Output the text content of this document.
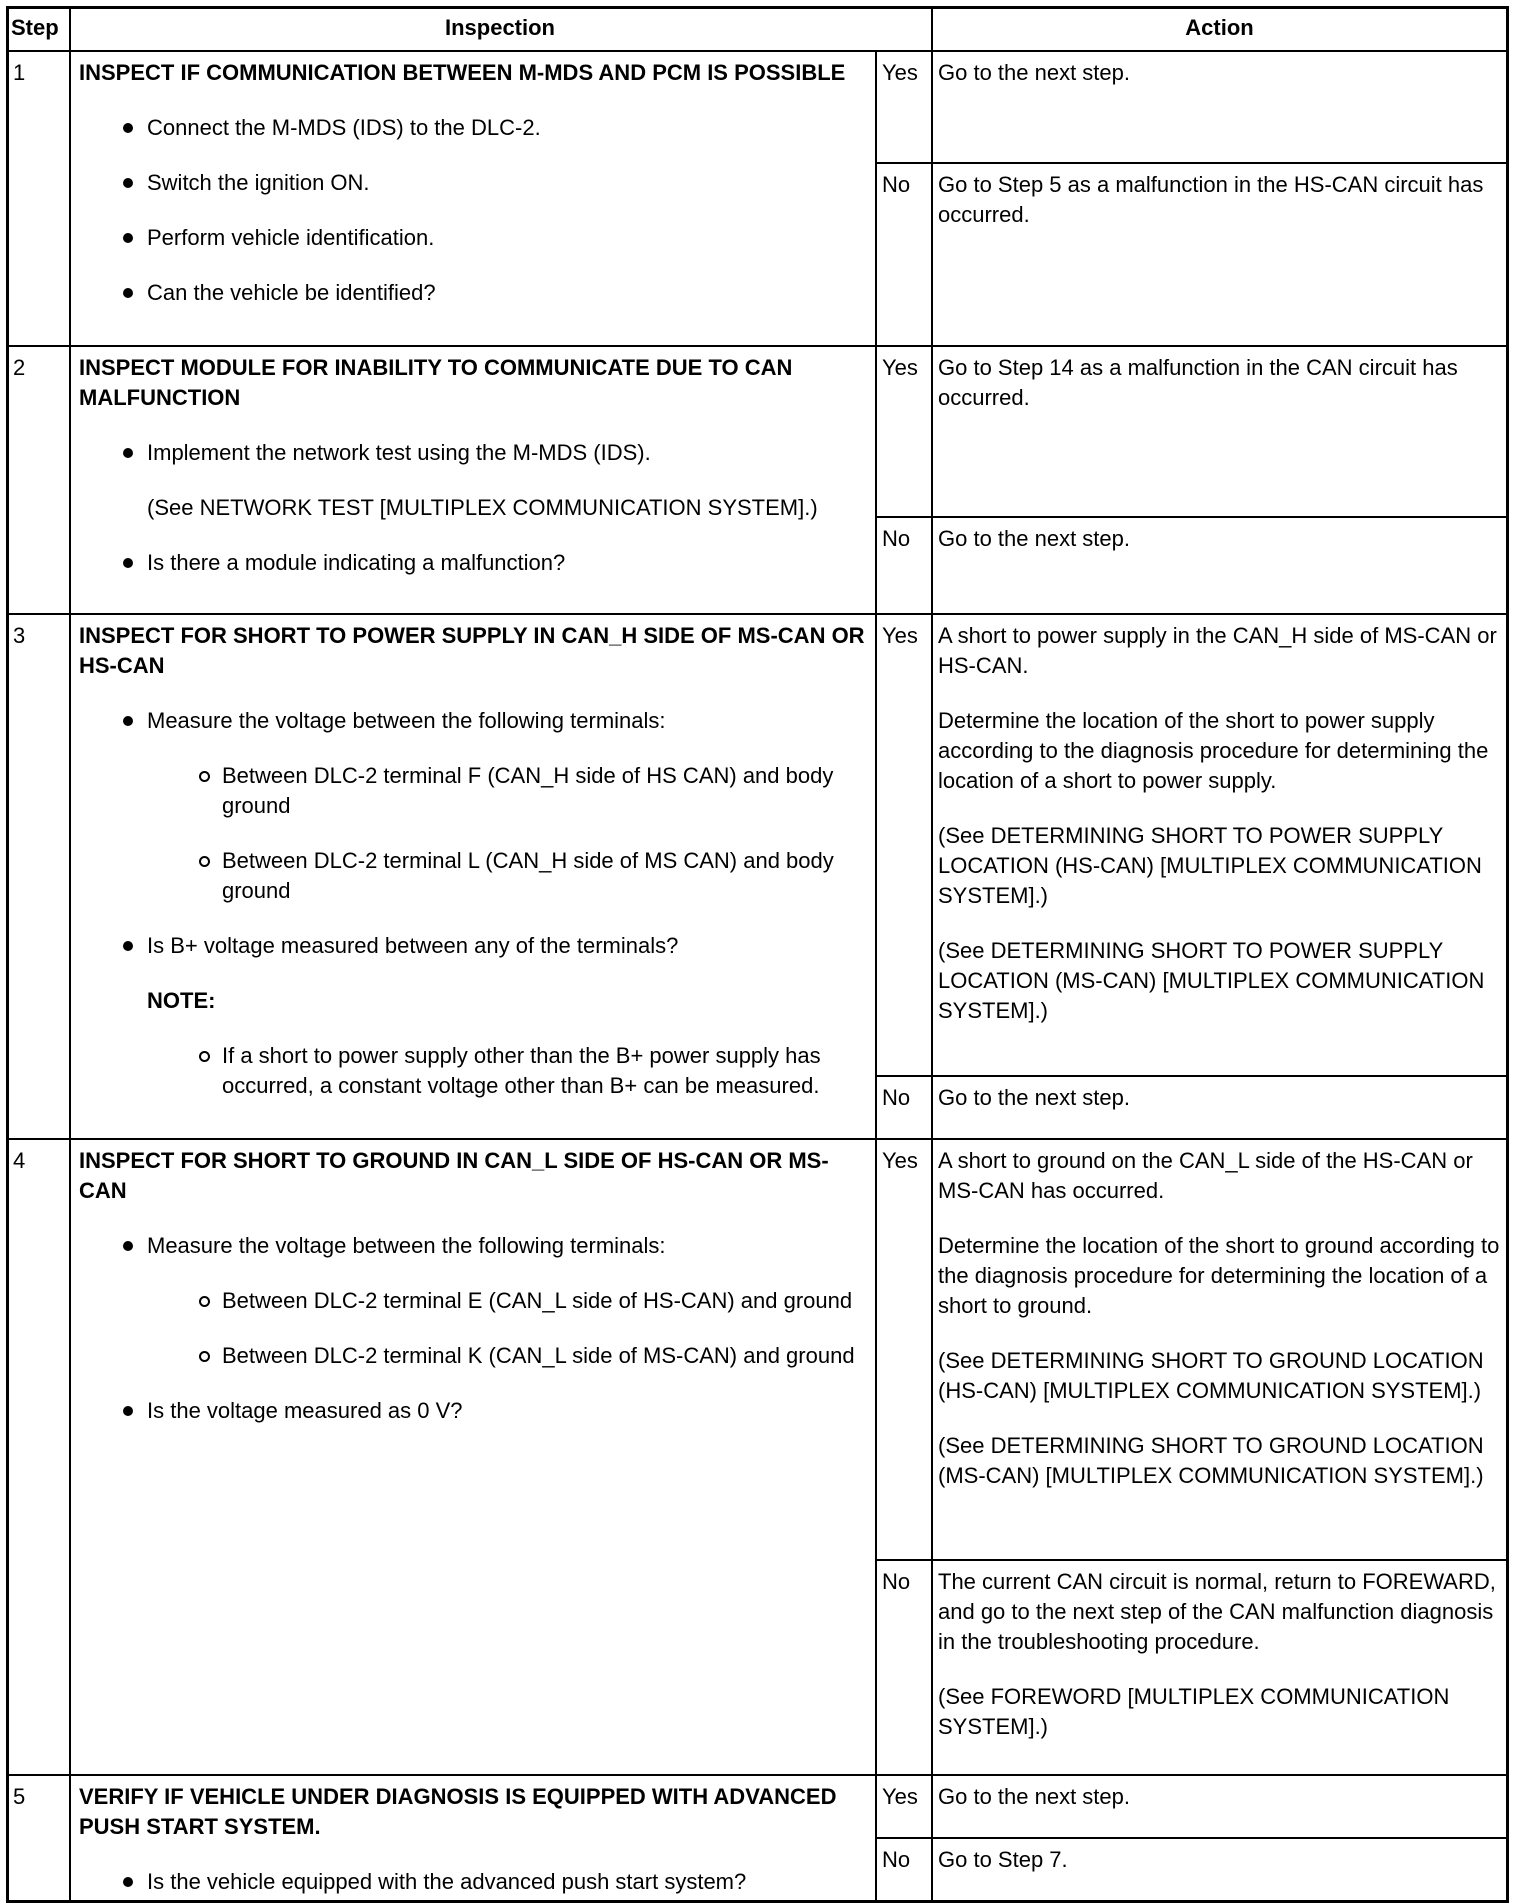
Step	Inspection	Action
1	INSPECT IF COMMUNICATION BETWEEN M-MDS AND PCM IS POSSIBLE
Connect the M-MDS (IDS) to the DLC-2.
Switch the ignition ON.
Perform vehicle identification.
Can the vehicle be identified?
Yes Go to the next step.

No	Go to Step 5 as a malfunction in the HS-CAN circuit has occurred.

2	INSPECT MODULE FOR INABILITY TO COMMUNICATE DUE TO CAN MALFUNCTION
Implement the network test using the M-MDS (IDS).
(See NETWORK TEST [MULTIPLEX COMMUNICATION SYSTEM].)
Is there a module indicating a malfunction?
Yes Go to Step 14 as a malfunction in the CAN circuit has occurred.

No	Go to the next step.

3	INSPECT FOR SHORT TO POWER SUPPLY IN CAN_H SIDE OF MS-CAN OR HS-CAN
Measure the voltage between the following terminals:
Between DLC-2 terminal F (CAN_H side of HS CAN) and body ground
Between DLC-2 terminal L (CAN_H side of MS CAN) and body ground
Is B+ voltage measured between any of the terminals?
NOTE:
If a short to power supply other than the B+ power supply has occurred, a constant voltage other than B+ can be measured.
Yes A short to power supply in the CAN_H side of MS-CAN or HS-CAN.

Determine the location of the short to power supply according to the diagnosis procedure for determining the location of a short to power supply.

(See DETERMINING SHORT TO POWER SUPPLY LOCATION (HS-CAN) [MULTIPLEX COMMUNICATION SYSTEM].)

(See DETERMINING SHORT TO POWER SUPPLY LOCATION (MS-CAN) [MULTIPLEX COMMUNICATION SYSTEM].)

No	Go to the next step.

4	INSPECT FOR SHORT TO GROUND IN CAN_L SIDE OF HS-CAN OR MS-CAN
Measure the voltage between the following terminals:
Between DLC-2 terminal E (CAN_L side of HS-CAN) and ground
Between DLC-2 terminal K (CAN_L side of MS-CAN) and ground
Is the voltage measured as 0 V?
Yes A short to ground on the CAN_L side of the HS-CAN or MS-CAN has occurred.

Determine the location of the short to ground according to the diagnosis procedure for determining the location of a short to ground.

(See DETERMINING SHORT TO GROUND LOCATION (HS-CAN) [MULTIPLEX COMMUNICATION SYSTEM].)

(See DETERMINING SHORT TO GROUND LOCATION (MS-CAN) [MULTIPLEX COMMUNICATION SYSTEM].)

No	The current CAN circuit is normal, return to FOREWARD, and go to the next step of the CAN malfunction diagnosis in the troubleshooting procedure.

(See FOREWORD [MULTIPLEX COMMUNICATION SYSTEM].)

5	VERIFY IF VEHICLE UNDER DIAGNOSIS IS EQUIPPED WITH ADVANCED PUSH START SYSTEM.
Is the vehicle equipped with the advanced push start system?
Yes Go to the next step.

No	Go to Step 7.
